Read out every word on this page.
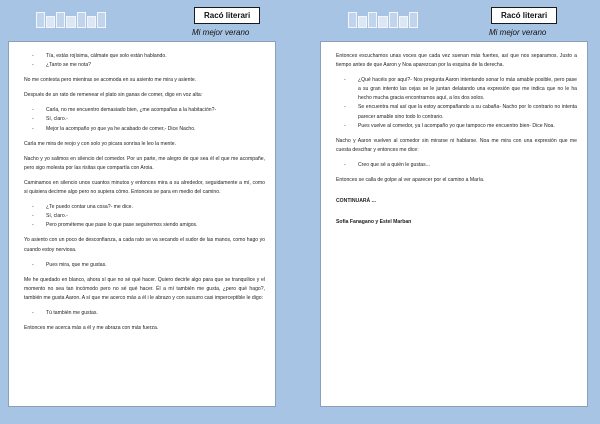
Racó literari
Mi mejor verano
- Tía, estás rojísima, cálmate que solo están hablando.
- ¿Tanto se me nota?

No me contesta pero mientras se acomoda en su asiento me mira y asiente.

Después de un rato de remenear el plato sin ganas de comer, digo en voz alta:

- Carla, no me encuentro demasiado bien, ¿me acompañas a la habitación?-
- Sí, claro.-
- Mejor la acompaño yo que ya he acabado de comer,- Dice Nacho.

Carla me mira de reojo y con solo yo picara sonrisa le leo la mente.

Nacho y yo salimos en silencio del comedor. Por un parte, me alegro de que sea él el que me acompañe, pero sigo molesta por las risitas que compartía con Aroia.

Caminamos en silencio unos cuantos minutos y entonces mira a su alrededor, seguidamente a mí, como si quisiera decirme algo pero no supiera cómo. Entonces se para en medio del camino.

- ¿Te puedo contar una cosa?- me dice.
- Sí, claro.-
- Pero prométeme que pase lo que pase seguiremos siendo amigos.

Yo asiento con un poco de desconfianza, a cada rato se va secando el sudor de las manos, como hago yo cuando estoy nerviosa.

- Pues mira, que me gustas.

Me he quedado en blanco, ahora sí que no sé qué hacer. Quiero decirle algo para que se tranquilice y el momento no sea tan incómodo pero no sé qué hacer. Él a mí también me gusta, ¿pero qué hago?, también me gusta Aaron. A sí que me acerco más a él i le abrazo y con susurro casi imperceptible le digo:

- Tú también me gustas.

Entonces me acerca más a él y me abraza con más fuerza.

Racó literari
Mi mejor verano

Entonces escuchamos unas voces que cada vez suenan más fuertes, así que nos separamos. Justo a tiempo antes de que Aaron y Noa aparezcan por la esquina de la derecha.

- ¿Qué hacéis por aquí?- Nos pregunta Aaron intentando sonar lo más amable posible, pero pase a su gran intento las cejas se le juntan delatando una expresión que me indica que no le ha hecho mucha gracia encontrarnos aquí, a los dos solos.
- Se encuentra mal así que la estoy acompañando a su cabaña- Nacho por lo contrario no intenta parecer amable sino todo lo contrario.
- Pues vuelve al comedor, ya l acompaño yo que tampoco me encuentro bien- Dice Noa.

Nacho y Aaron vuelven al comedor sin mirarse ni hablarse. Noa me mira con una expresión que me cuesta descifrar y entonces me dice:

- Creo que sé a quién le gustas...

Entonces se calla de golpe al ver aparecer por el camino a María.

CONTINUARÁ ...

Sofia Fanagano y Estel Marban
